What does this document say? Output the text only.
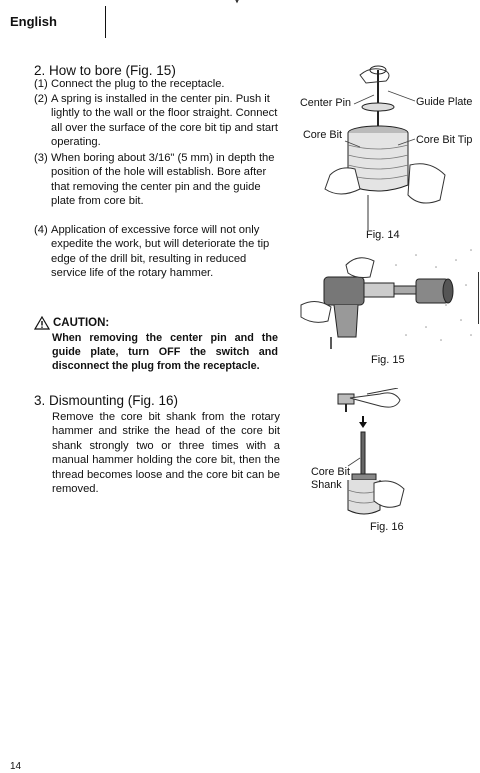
English
2. How to bore (Fig. 15)
(1) Connect the plug to the receptacle.
(2) A spring is installed in the center pin. Push it lightly to the wall or the floor straight. Connect all over the surface of the core bit tip and start operating.
(3) When boring about 3/16" (5 mm) in depth the position of the hole will establish. Bore after that removing the center pin and the guide plate from core bit.
(4) Application of excessive force will not only expedite the work, but will deteriorate the tip edge of the drill bit, resulting in reduced service life of the rotary hammer.
CAUTION:
When removing the center pin and the guide plate, turn OFF the switch and disconnect the plug from the receptacle.
3. Dismounting (Fig. 16)
Remove the core bit shank from the rotary hammer and strike the head of the core bit shank strongly two or three times with a manual hammer holding the core bit, then the thread becomes loose and the core bit can be removed.
Center Pin	Guide Plate
Core Bit	Core Bit Tip
Fig. 14
Fig. 15
Core Bit
Shank
Fig. 16
14
